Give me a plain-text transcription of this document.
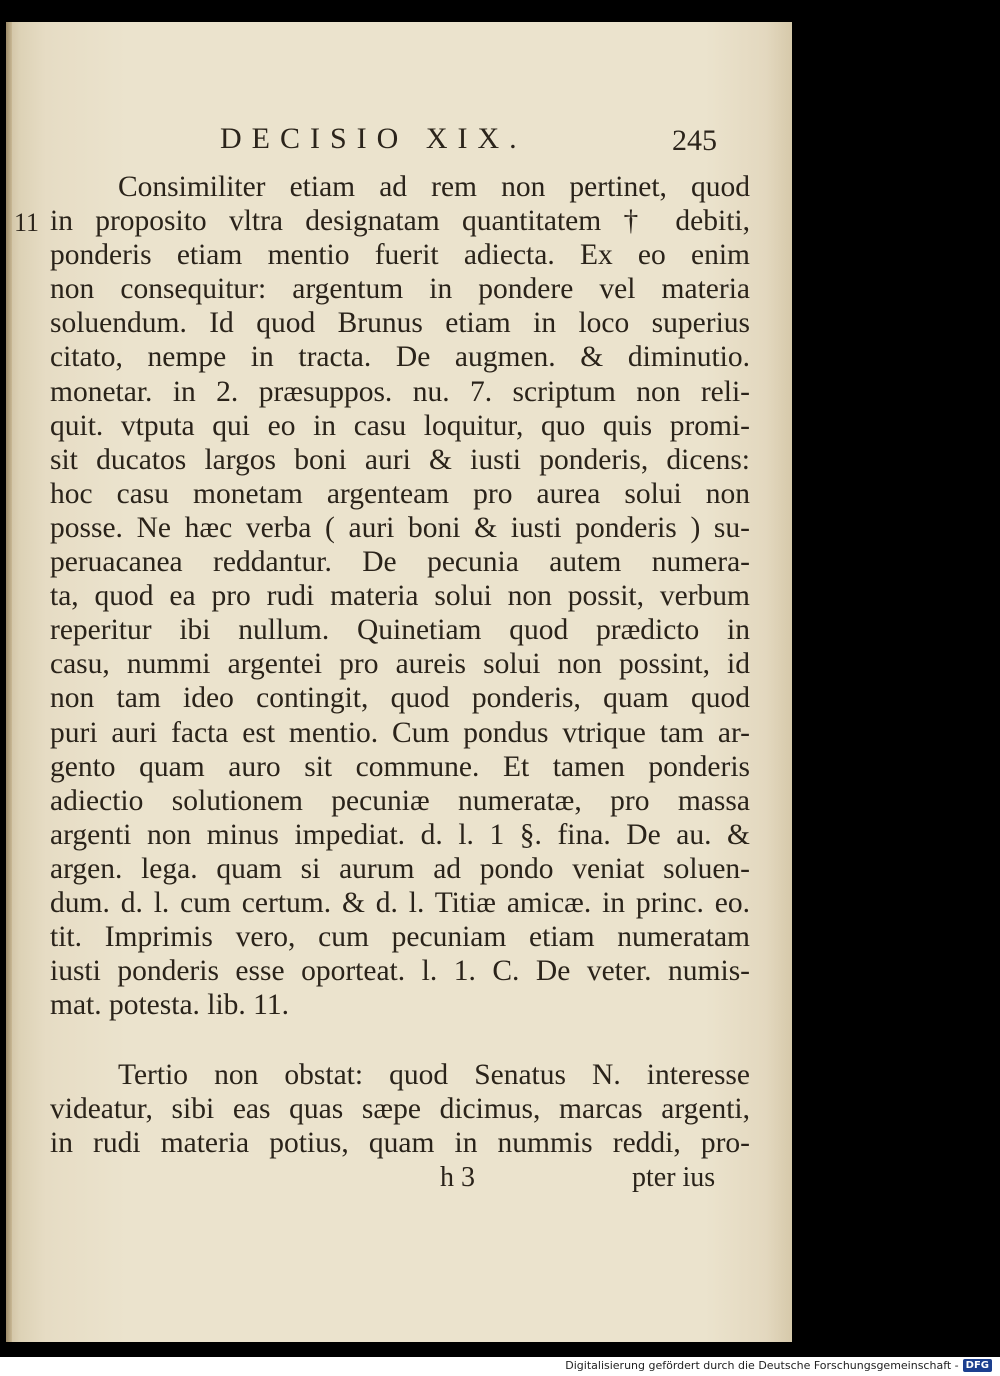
DECISIO XIX.	245
11
Consimiliter etiam ad rem non pertinet, quod
in proposito vltra designatam quantitatem † debiti,
ponderis etiam mentio fuerit adiecta. Ex eo enim
non consequitur: argentum in pondere vel materia
soluendum. Id quod Brunus etiam in loco superius
citato, nempe in tracta. De augmen. & diminutio.
monetar. in 2. præsuppos. nu. 7. scriptum non reli-
quit. vtputa qui eo in casu loquitur, quo quis promi-
sit ducatos largos boni auri & iusti ponderis, dicens:
hoc casu monetam argenteam pro aurea solui non
posse. Ne hæc verba ( auri boni & iusti ponderis ) su-
peruacanea reddantur. De pecunia autem numera-
ta, quod ea pro rudi materia solui non possit, verbum
reperitur ibi nullum. Quinetiam quod prædicto in
casu, nummi argentei pro aureis solui non possint, id
non tam ideo contingit, quod ponderis, quam quod
puri auri facta est mentio. Cum pondus vtrique tam ar-
gento quam auro sit commune. Et tamen ponderis
adiectio solutionem pecuniæ numeratæ, pro massa
argenti non minus impediat. d. l. 1 §. fina. De au. &
argen. lega. quam si aurum ad pondo veniat soluen-
dum. d. l. cum certum. & d. l. Titiæ amicæ. in princ. eo.
tit. Imprimis vero, cum pecuniam etiam numeratam
iusti ponderis esse oporteat. l. 1. C. De veter. numis-
mat. potesta. lib. 11.
Tertio non obstat: quod Senatus N. interesse
videatur, sibi eas quas sæpe dicimus, marcas argenti,
in rudi materia potius, quam in nummis reddi, pro-
h 3	pter ius
Digitalisierung gefördert durch die Deutsche Forschungsgemeinschaft - DFG
